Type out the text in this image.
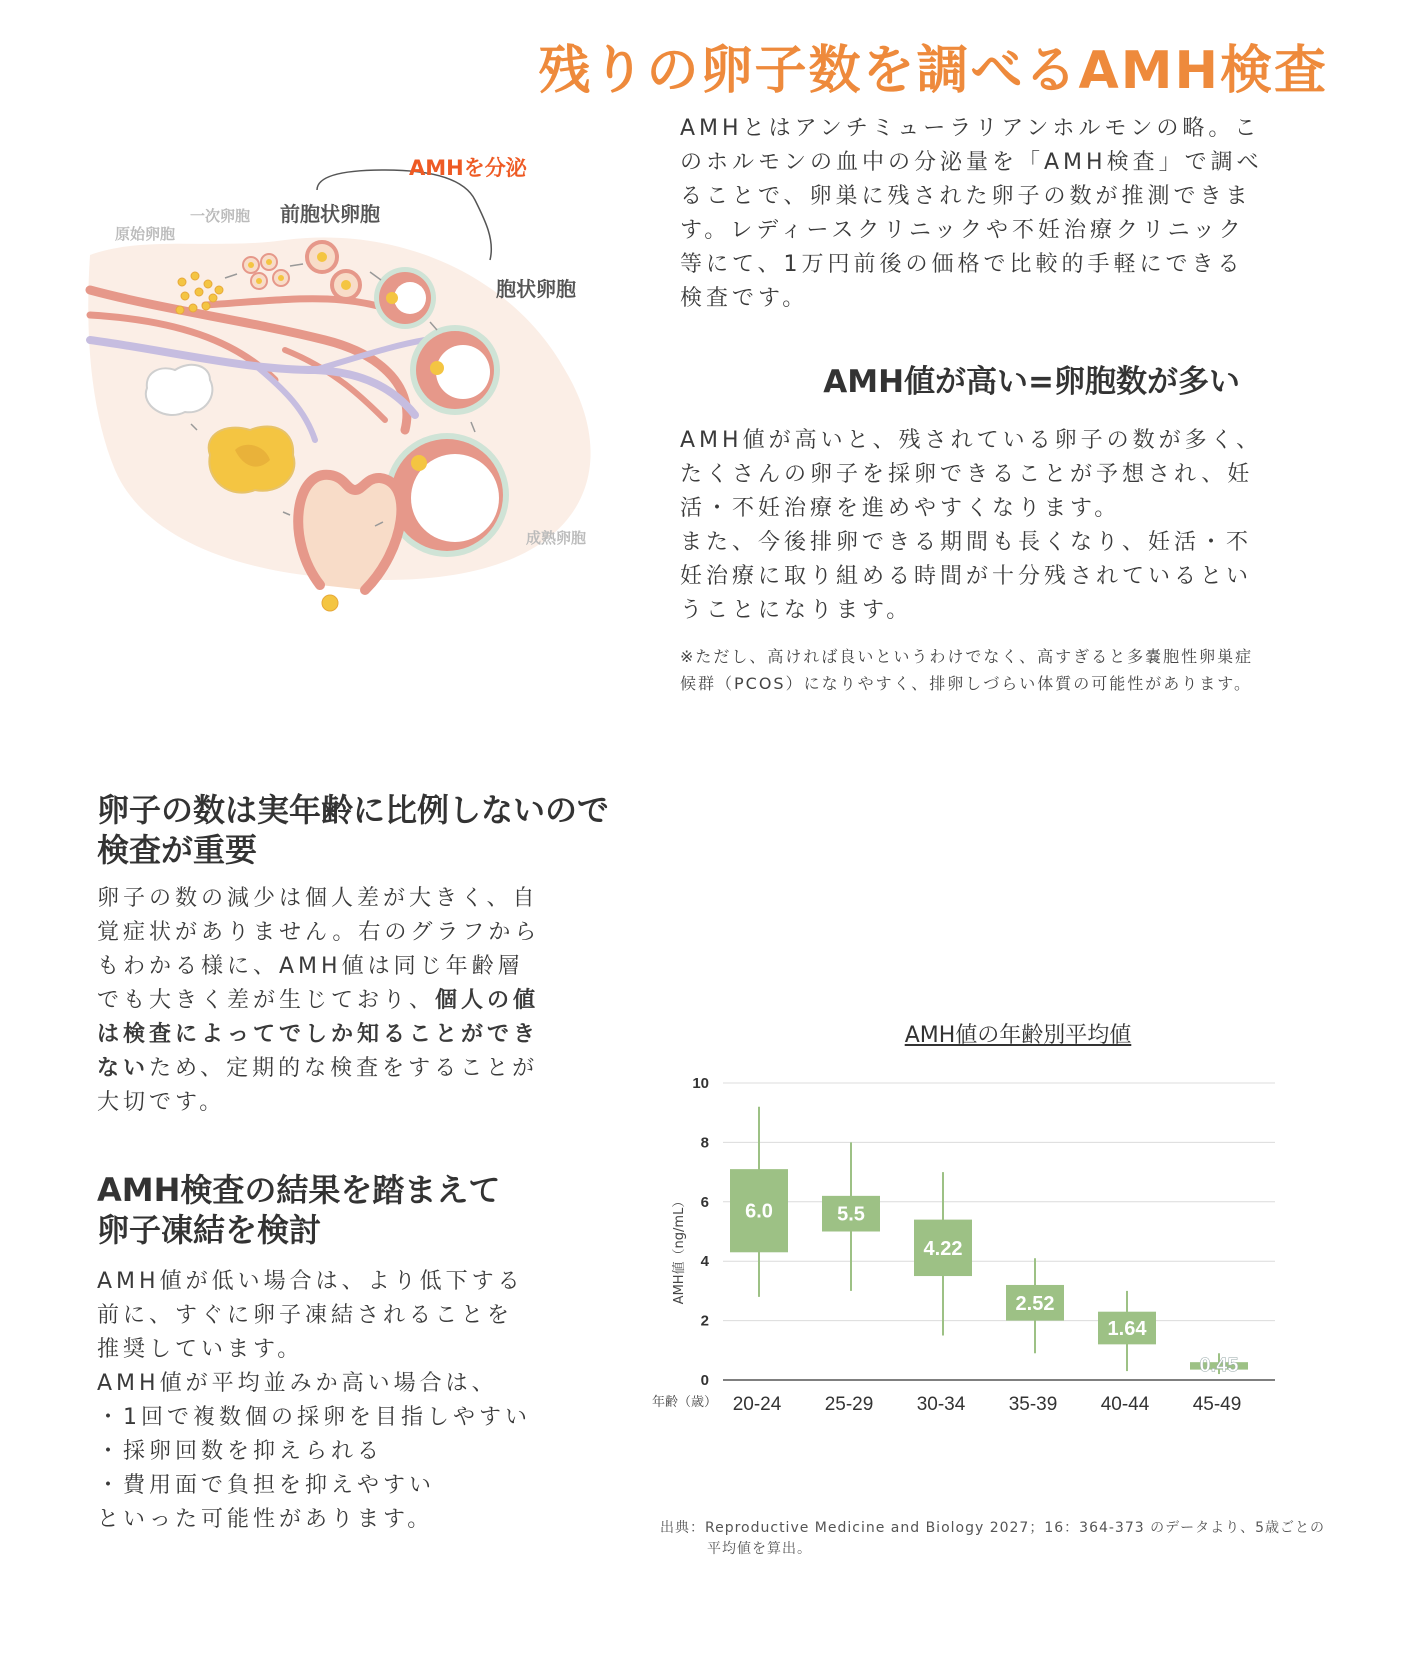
残りの卵子数を調べるAMH検査
AMHとはアンチミューラリアンホルモンの略。このホルモンの血中の分泌量を「AMH検査」で調べることで、卵巣に残された卵子の数が推測できます。レディースクリニックや不妊治療クリニック等にて、1万円前後の価格で比較的手軽にできる検査です。
AMHを分泌
原始卵胞
一次卵胞 前胞状卵胞
胞状卵胞
成熟卵胞
AMH値が高い=卵胞数が多い
AMH値が高いと、残されている卵子の数が多く、たくさんの卵子を採卵できることが予想され、妊活・不妊治療を進めやすくなります。
また、今後排卵できる期間も長くなり、妊活・不妊治療に取り組める時間が十分残されているということになります。
※ただし、高ければ良いというわけでなく、高すぎると多嚢胞性卵巣症候群（PCOS）になりやすく、排卵しづらい体質の可能性があります。
卵子の数は実年齢に比例しないので
検査が重要
卵子の数の減少は個人差が大きく、自覚症状がありません。右のグラフからもわかる様に、AMH値は同じ年齢層でも大きく差が生じており、個人の値は検査によってでしか知ることができないため、定期的な検査をすることが大切です。
AMH検査の結果を踏まえて
卵子凍結を検討
AMH値が低い場合は、より低下する
前に、すぐに卵子凍結されることを
推奨しています。
AMH値が平均並みか高い場合は、
・1回で複数個の採卵を目指しやすい
・採卵回数を抑えられる
・費用面で負担を抑えやすい
といった可能性があります。
AMH値の年齢別平均値
0
2
4
6
8
10
AMH値（ng/mL）
年齢（歳）
6.0
20-24
5.5
25-29
4.22
30-34
2.52
35-39
1.64
40-44
0.45
45-49
出典：Reproductive Medicine and Biology 2027；16：364-373 のデータより、5歳ごとの
平均値を算出。
